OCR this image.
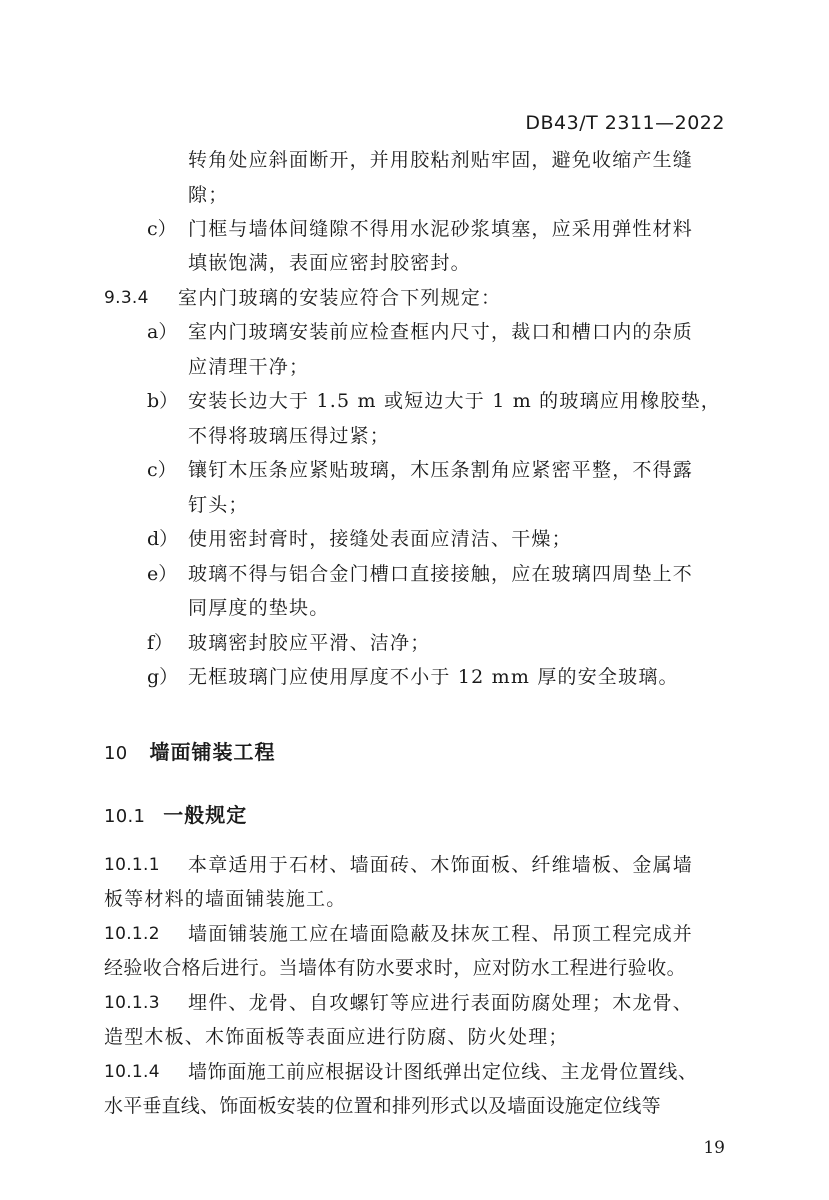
DB43/T 2311—2022
转角处应斜面断开，并用胶粘剂贴牢固，避免收缩产生缝
隙；
c） 门框与墙体间缝隙不得用水泥砂浆填塞，应采用弹性材料
填嵌饱满，表面应密封胶密封。
9.3.4 室内门玻璃的安装应符合下列规定：
a） 室内门玻璃安装前应检查框内尺寸，裁口和槽口内的杂质
应清理干净；
b） 安装长边大于 1.5 m 或短边大于 1 m 的玻璃应用橡胶垫，
不得将玻璃压得过紧；
c） 镶钉木压条应紧贴玻璃，木压条割角应紧密平整，不得露
钉头；
d） 使用密封膏时，接缝处表面应清洁、干燥；
e） 玻璃不得与铝合金门槽口直接接触，应在玻璃四周垫上不
同厚度的垫块。
f） 玻璃密封胶应平滑、洁净；
g） 无框玻璃门应使用厚度不小于 12 mm 厚的安全玻璃。
10 墙面铺装工程
10.1 一般规定
10.1.1 本章适用于石材、墙面砖、木饰面板、纤维墙板、金属墙
板等材料的墙面铺装施工。
10.1.2 墙面铺装施工应在墙面隐蔽及抹灰工程、吊顶工程完成并
经验收合格后进行。当墙体有防水要求时，应对防水工程进行验收。
10.1.3 埋件、龙骨、自攻螺钉等应进行表面防腐处理；木龙骨、
造型木板、木饰面板等表面应进行防腐、防火处理；
10.1.4 墙饰面施工前应根据设计图纸弹出定位线、主龙骨位置线、
水平垂直线、饰面板安装的位置和排列形式以及墙面设施定位线等
19
